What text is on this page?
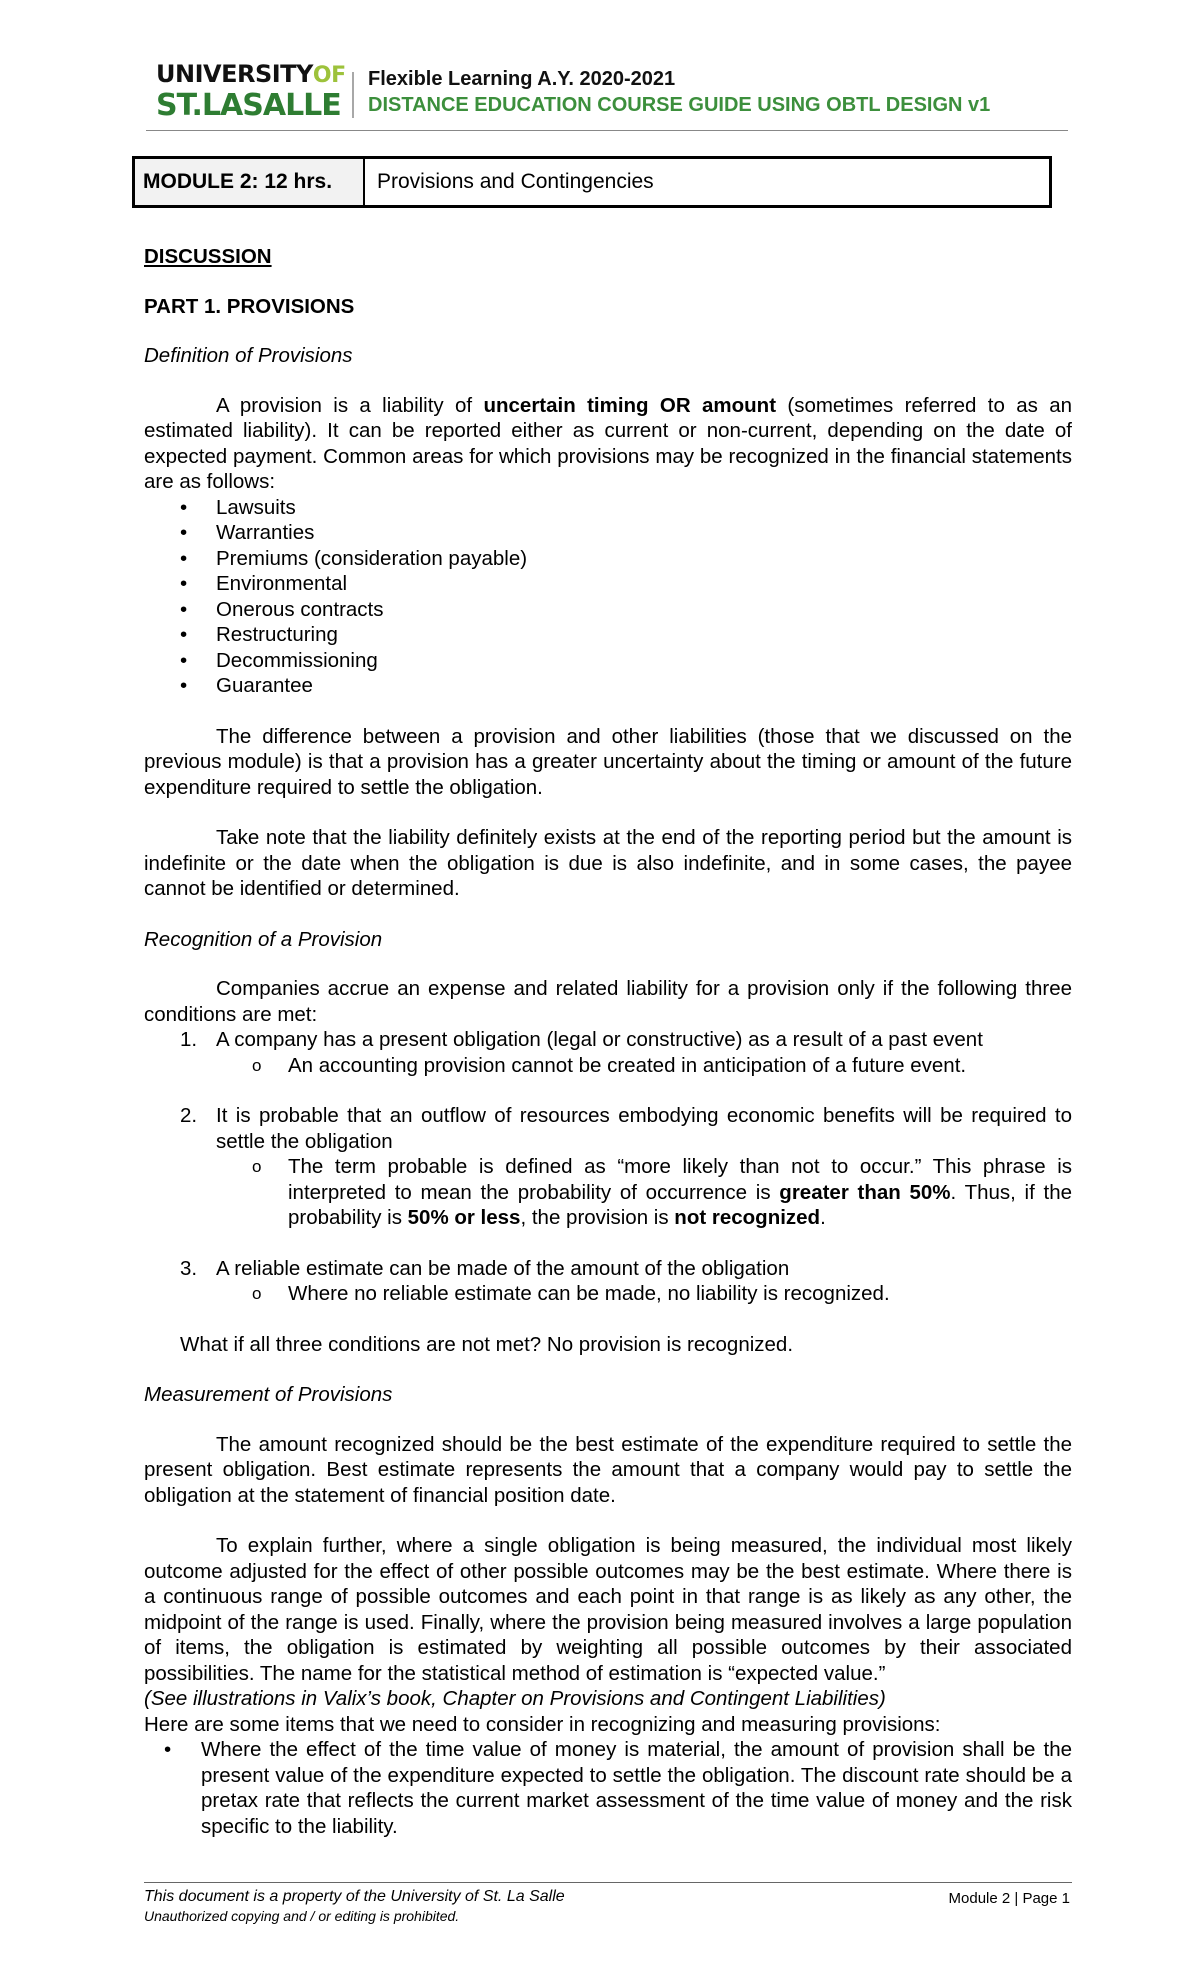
UNIVERSITYOF
ST.LASALLE
Flexible Learning A.Y. 2020-2021
DISTANCE EDUCATION COURSE GUIDE USING OBTL DESIGN v1
MODULE 2: 12 hrs.	Provisions and Contingencies

DISCUSSION

PART 1. PROVISIONS

Definition of Provisions

A provision is a liability of uncertain timing OR amount (sometimes referred to as an estimated liability). It can be reported either as current or non-current, depending on the date of expected payment. Common areas for which provisions may be recognized in the financial statements are as follows:

• Lawsuits
• Warranties
• Premiums (consideration payable)
• Environmental
• Onerous contracts
• Restructuring
• Decommissioning
• Guarantee

The difference between a provision and other liabilities (those that we discussed on the previous module) is that a provision has a greater uncertainty about the timing or amount of the future expenditure required to settle the obligation.

Take note that the liability definitely exists at the end of the reporting period but the amount is indefinite or the date when the obligation is due is also indefinite, and in some cases, the payee cannot be identified or determined.

Recognition of a Provision

Companies accrue an expense and related liability for a provision only if the following three conditions are met:

1. A company has a present obligation (legal or constructive) as a result of a past event
o An accounting provision cannot be created in anticipation of a future event.
2. It is probable that an outflow of resources embodying economic benefits will be required to settle the obligation
o The term probable is defined as “more likely than not to occur.” This phrase is interpreted to mean the probability of occurrence is greater than 50%. Thus, if the probability is 50% or less, the provision is not recognized.
3. A reliable estimate can be made of the amount of the obligation
o Where no reliable estimate can be made, no liability is recognized.

What if all three conditions are not met? No provision is recognized.

Measurement of Provisions

The amount recognized should be the best estimate of the expenditure required to settle the present obligation. Best estimate represents the amount that a company would pay to settle the obligation at the statement of financial position date.

To explain further, where a single obligation is being measured, the individual most likely outcome adjusted for the effect of other possible outcomes may be the best estimate. Where there is a continuous range of possible outcomes and each point in that range is as likely as any other, the midpoint of the range is used. Finally, where the provision being measured involves a large population of items, the obligation is estimated by weighting all possible outcomes by their associated possibilities. The name for the statistical method of estimation is “expected value.”

(See illustrations in Valix’s book, Chapter on Provisions and Contingent Liabilities)

Here are some items that we need to consider in recognizing and measuring provisions:

• Where the effect of the time value of money is material, the amount of provision shall be the present value of the expenditure expected to settle the obligation. The discount rate should be a pretax rate that reflects the current market assessment of the time value of money and the risk specific to the liability.
This document is a property of the University of St. La Salle
Unauthorized copying and / or editing is prohibited.
Module 2 | Page 1
